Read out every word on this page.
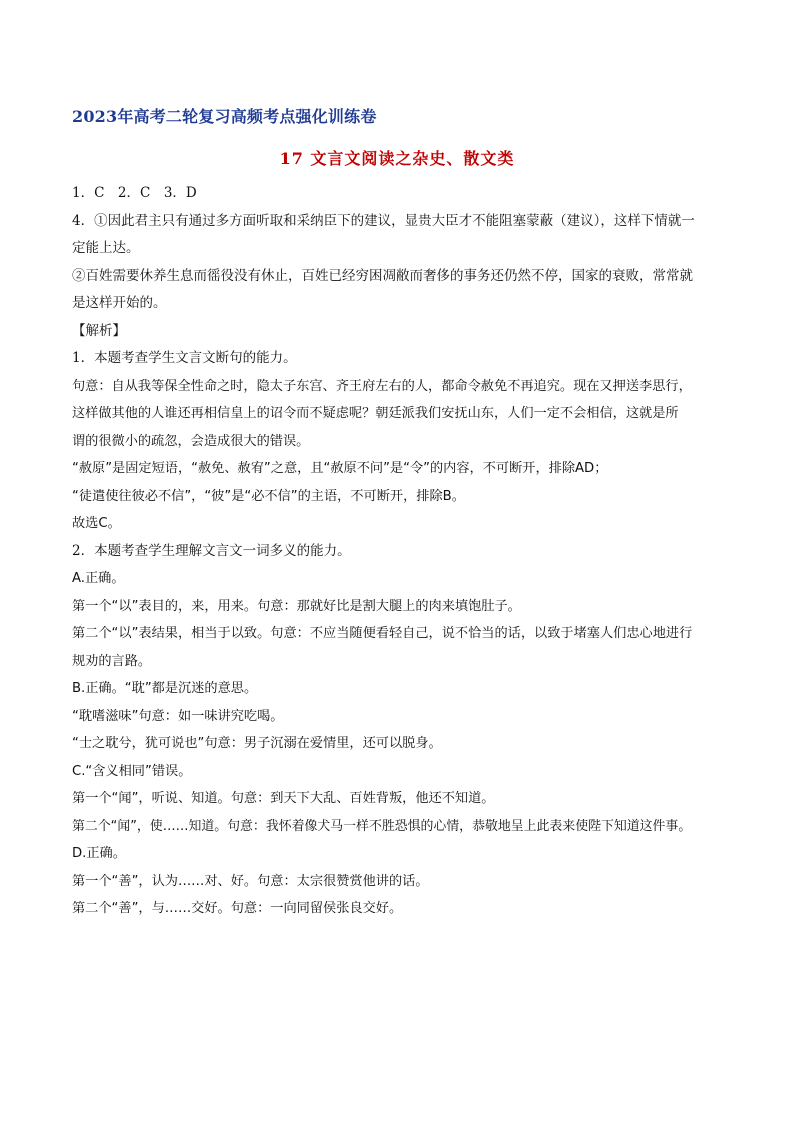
2023年高考二轮复习高频考点强化训练卷
17 文言文阅读之杂史、散文类
1．C　2．C　3．D
4．①因此君主只有通过多方面听取和采纳臣下的建议，显贵大臣才不能阻塞蒙蔽（建议），这样下情就一
定能上达。
②百姓需要休养生息而徭役没有休止，百姓已经穷困凋敝而奢侈的事务还仍然不停，国家的衰败，常常就
是这样开始的。
【解析】
1．本题考查学生文言文断句的能力。
句意：自从我等保全性命之时，隐太子东宫、齐王府左右的人，都命令赦免不再追究。现在又押送李思行，
这样做其他的人谁还再相信皇上的诏令而不疑虑呢？朝廷派我们安抚山东，人们一定不会相信，这就是所
谓的很微小的疏忽，会造成很大的错误。
“赦原”是固定短语，“赦免、赦宥”之意，且“赦原不问”是“令”的内容，不可断开，排除AD；
“徒遣使往彼必不信”，“彼”是“必不信”的主语，不可断开，排除B。
故选C。
2．本题考查学生理解文言文一词多义的能力。
A.正确。
第一个“以”表目的，来，用来。句意：那就好比是割大腿上的肉来填饱肚子。
第二个“以”表结果，相当于以致。句意：不应当随便看轻自己，说不恰当的话，以致于堵塞人们忠心地进行
规劝的言路。
B.正确。“耽”都是沉迷的意思。
“耽嗜滋味”句意：如一味讲究吃喝。
“士之耽兮，犹可说也”句意：男子沉溺在爱情里，还可以脱身。
C.“含义相同”错误。
第一个“闻”，听说、知道。句意：到天下大乱、百姓背叛，他还不知道。
第二个“闻”，使……知道。句意：我怀着像犬马一样不胜恐惧的心情，恭敬地呈上此表来使陛下知道这件事。
D.正确。
第一个“善”，认为……对、好。句意：太宗很赞赏他讲的话。
第二个“善”，与……交好。句意：一向同留侯张良交好。
